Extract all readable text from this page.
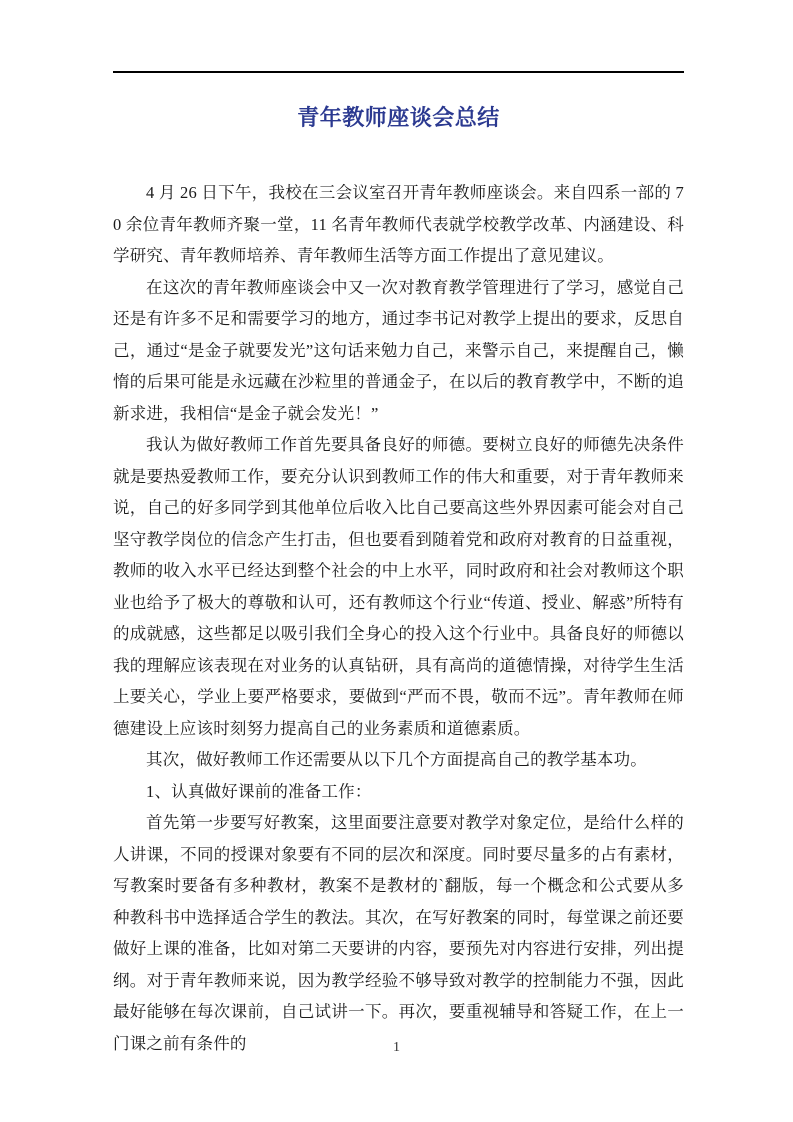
青年教师座谈会总结

4 月 26 日下午，我校在三会议室召开青年教师座谈会。来自四系一部的 70 余位青年教师齐聚一堂，11 名青年教师代表就学校教学改革、内涵建设、科学研究、青年教师培养、青年教师生活等方面工作提出了意见建议。

在这次的青年教师座谈会中又一次对教育教学管理进行了学习，感觉自己还是有许多不足和需要学习的地方，通过李书记对教学上提出的要求，反思自己，通过“是金子就要发光”这句话来勉力自己，来警示自己，来提醒自己，懒惰的后果可能是永远藏在沙粒里的普通金子，在以后的教育教学中，不断的追新求进，我相信“是金子就会发光！”

我认为做好教师工作首先要具备良好的师德。要树立良好的师德先决条件就是要热爱教师工作，要充分认识到教师工作的伟大和重要，对于青年教师来说，自己的好多同学到其他单位后收入比自己要高这些外界因素可能会对自己坚守教学岗位的信念产生打击，但也要看到随着党和政府对教育的日益重视，教师的收入水平已经达到整个社会的中上水平，同时政府和社会对教师这个职业也给予了极大的尊敬和认可，还有教师这个行业“传道、授业、解惑”所特有的成就感，这些都足以吸引我们全身心的投入这个行业中。具备良好的师德以我的理解应该表现在对业务的认真钻研，具有高尚的道德情操，对待学生生活上要关心，学业上要严格要求，要做到“严而不畏，敬而不远”。青年教师在师德建设上应该时刻努力提高自己的业务素质和道德素质。

其次，做好教师工作还需要从以下几个方面提高自己的教学基本功。

1、认真做好课前的准备工作：

首先第一步要写好教案，这里面要注意要对教学对象定位，是给什么样的人讲课，不同的授课对象要有不同的层次和深度。同时要尽量多的占有素材，写教案时要备有多种教材，教案不是教材的`翻版，每一个概念和公式要从多种教科书中选择适合学生的教法。其次，在写好教案的同时，每堂课之前还要做好上课的准备，比如对第二天要讲的内容，要预先对内容进行安排，列出提纲。对于青年教师来说，因为教学经验不够导致对教学的控制能力不强，因此最好能够在每次课前，自己试讲一下。再次，要重视辅导和答疑工作，在上一门课之前有条件的	1
